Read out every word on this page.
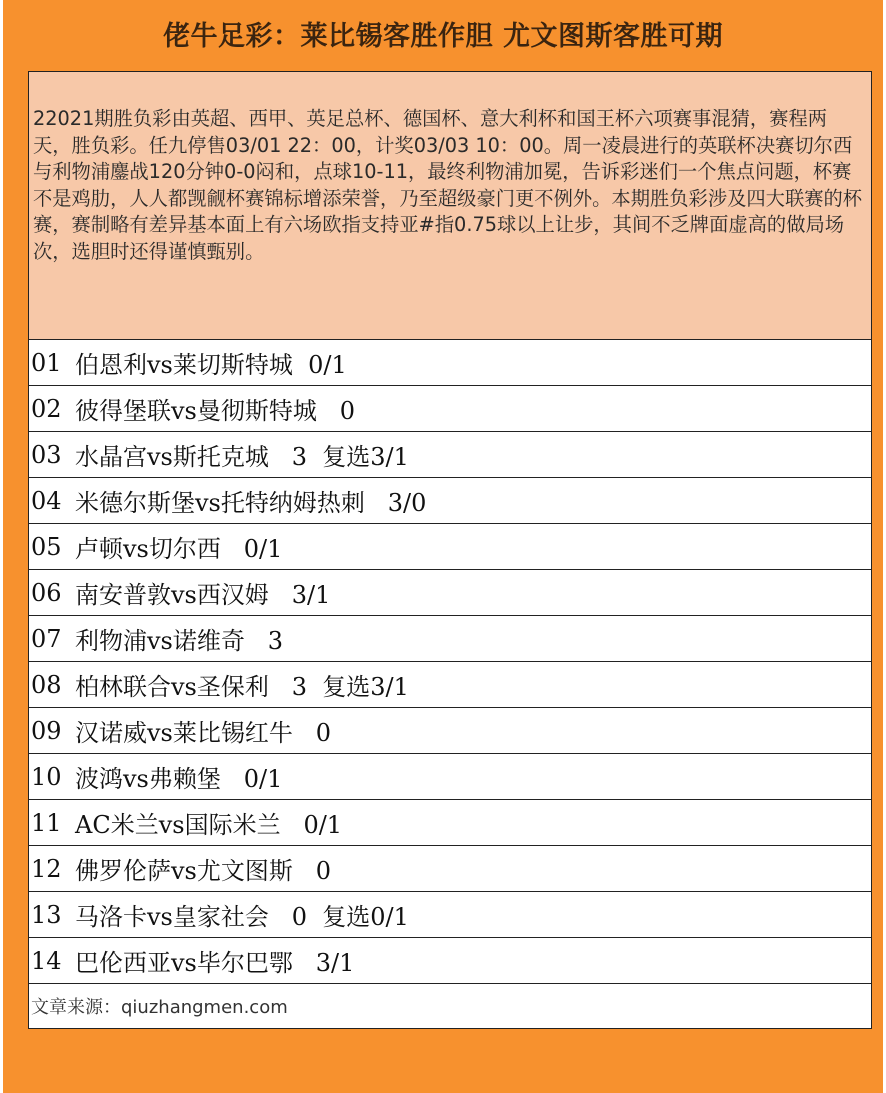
佬牛足彩：莱比锡客胜作胆 尤文图斯客胜可期
22021期胜负彩由英超、西甲、英足总杯、德国杯、意大利杯和国王杯六项赛事混猜，赛程两天，胜负彩。任九停售03/01 22：00，计奖03/03 10：00。周一凌晨进行的英联杯决赛切尔西与利物浦鏖战120分钟0-0闷和，点球10-11，最终利物浦加冕，告诉彩迷们一个焦点问题，杯赛不是鸡肋，人人都觊觎杯赛锦标增添荣誉，乃至超级豪门更不例外。本期胜负彩涉及四大联赛的杯赛，赛制略有差异基本面上有六场欧指支持亚#指0.75球以上让步，其间不乏牌面虚高的做局场次，选胆时还得谨慎甄别。
01 伯恩利vs莱切斯特城  0/1
02 彼得堡联vs曼彻斯特城   0
03 水晶宫vs斯托克城   3  复选3/1
04 米德尔斯堡vs托特纳姆热刺   3/0
05 卢顿vs切尔西   0/1
06 南安普敦vs西汉姆   3/1
07 利物浦vs诺维奇   3
08 柏林联合vs圣保利   3  复选3/1
09 汉诺威vs莱比锡红牛   0
10 波鸿vs弗赖堡   0/1
11 AC米兰vs国际米兰   0/1
12 佛罗伦萨vs尤文图斯   0
13 马洛卡vs皇家社会   0  复选0/1
14 巴伦西亚vs毕尔巴鄂   3/1
文章来源：qiuzhangmen.com
